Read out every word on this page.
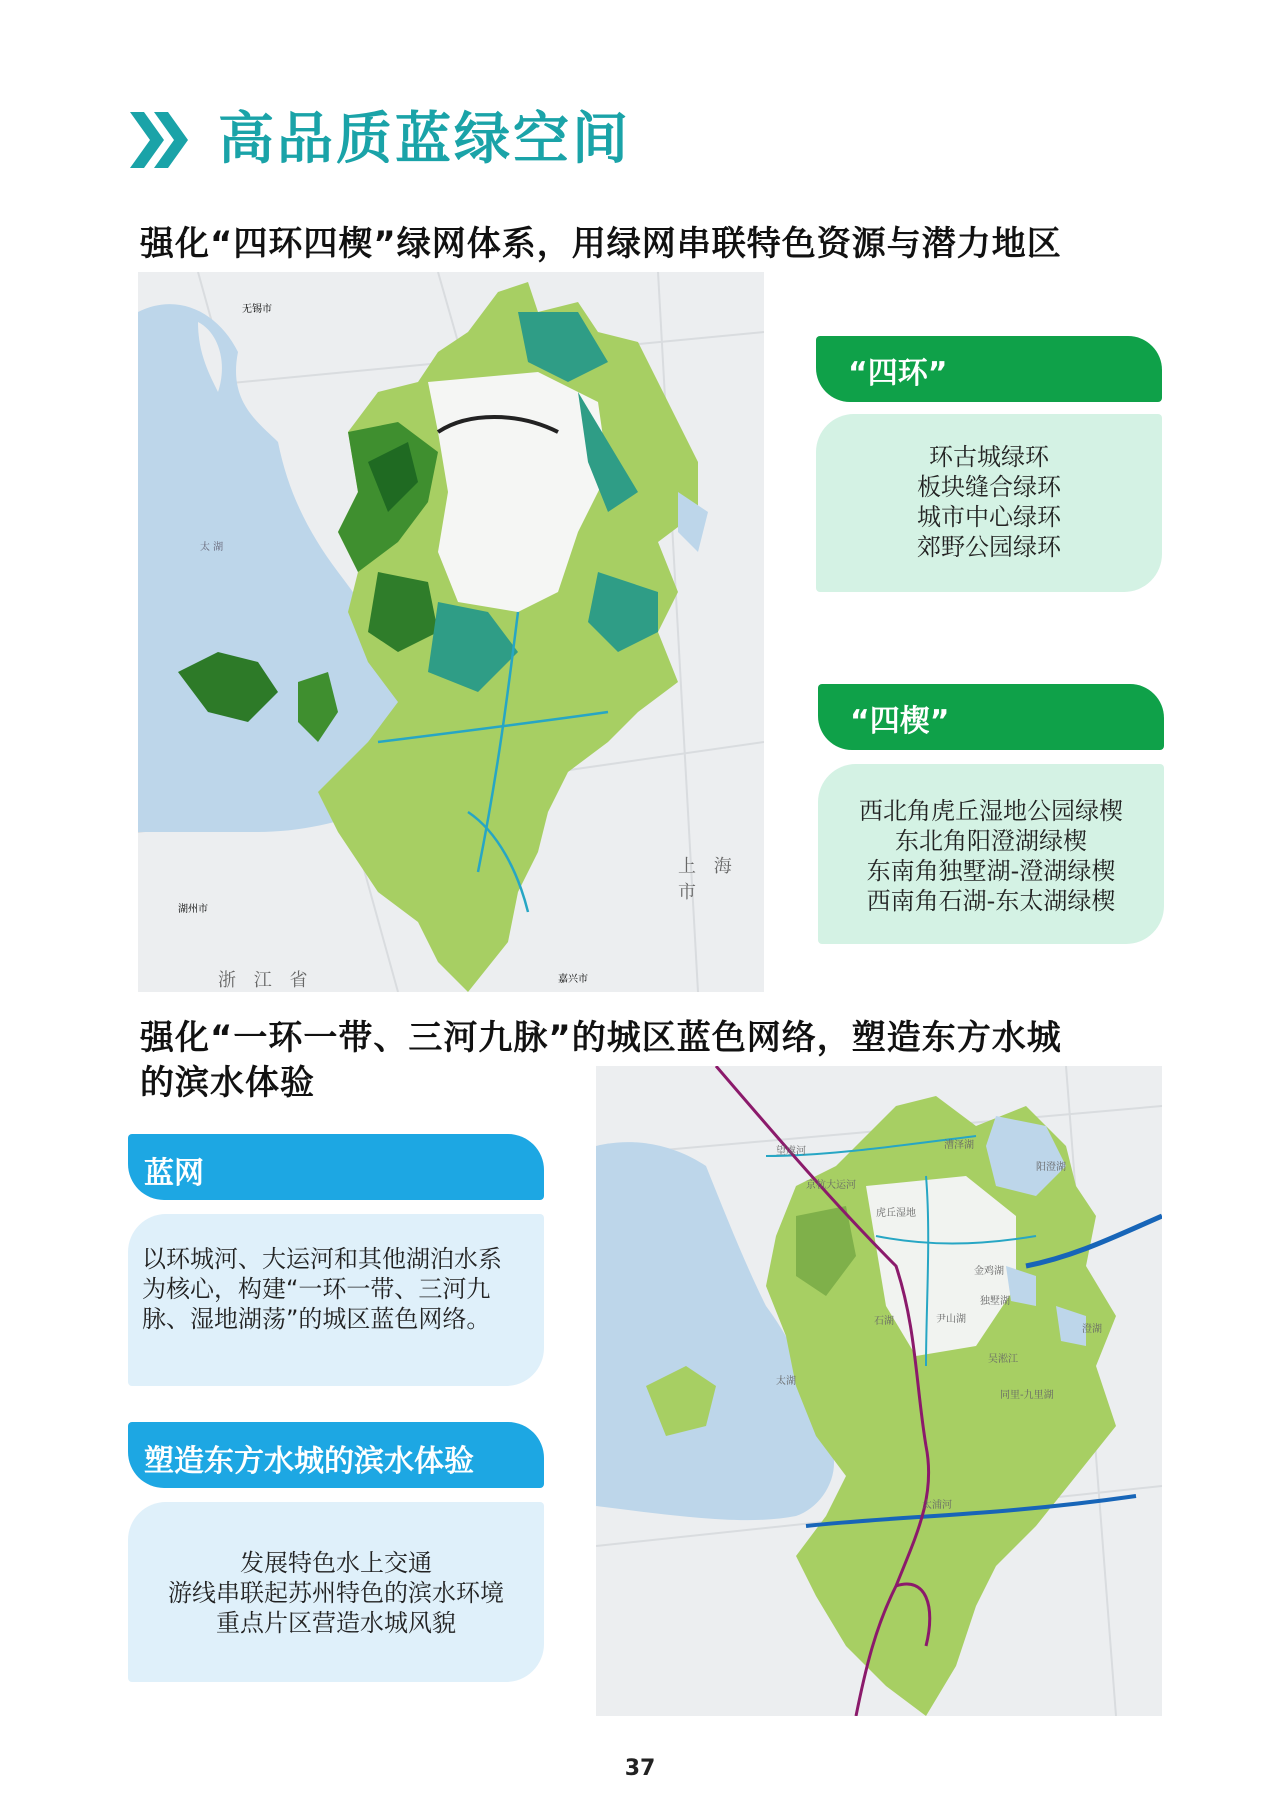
高品质蓝绿空间
强化“四环四楔”绿网体系，用绿网串联特色资源与潜力地区
无锡市
太 湖
湖州市
嘉兴市
上 海 市
浙 江 省
“四环”
环古城绿环
板块缝合绿环
城市中心绿环
郊野公园绿环
“四楔”
西北角虎丘湿地公园绿楔
东北角阳澄湖绿楔
东南角独墅湖-澄湖绿楔
西南角石湖-东太湖绿楔
强化“一环一带、三河九脉”的城区蓝色网络，塑造东方水城
的滨水体验
蓝网
以环城河、大运河和其他湖泊水系
为核心，构建“一环一带、三河九
脉、湿地湖荡”的城区蓝色网络。
塑造东方水城的滨水体验
发展特色水上交通
游线串联起苏州特色的滨水环境
重点片区营造水城风貌
望虞河
京杭大运河
漕泽湖
阳澄湖
虎丘湿地
金鸡湖
独墅湖
石湖	尹山湖
吴淞江
澄湖
同里-九里湖
太湖
太浦河
37
